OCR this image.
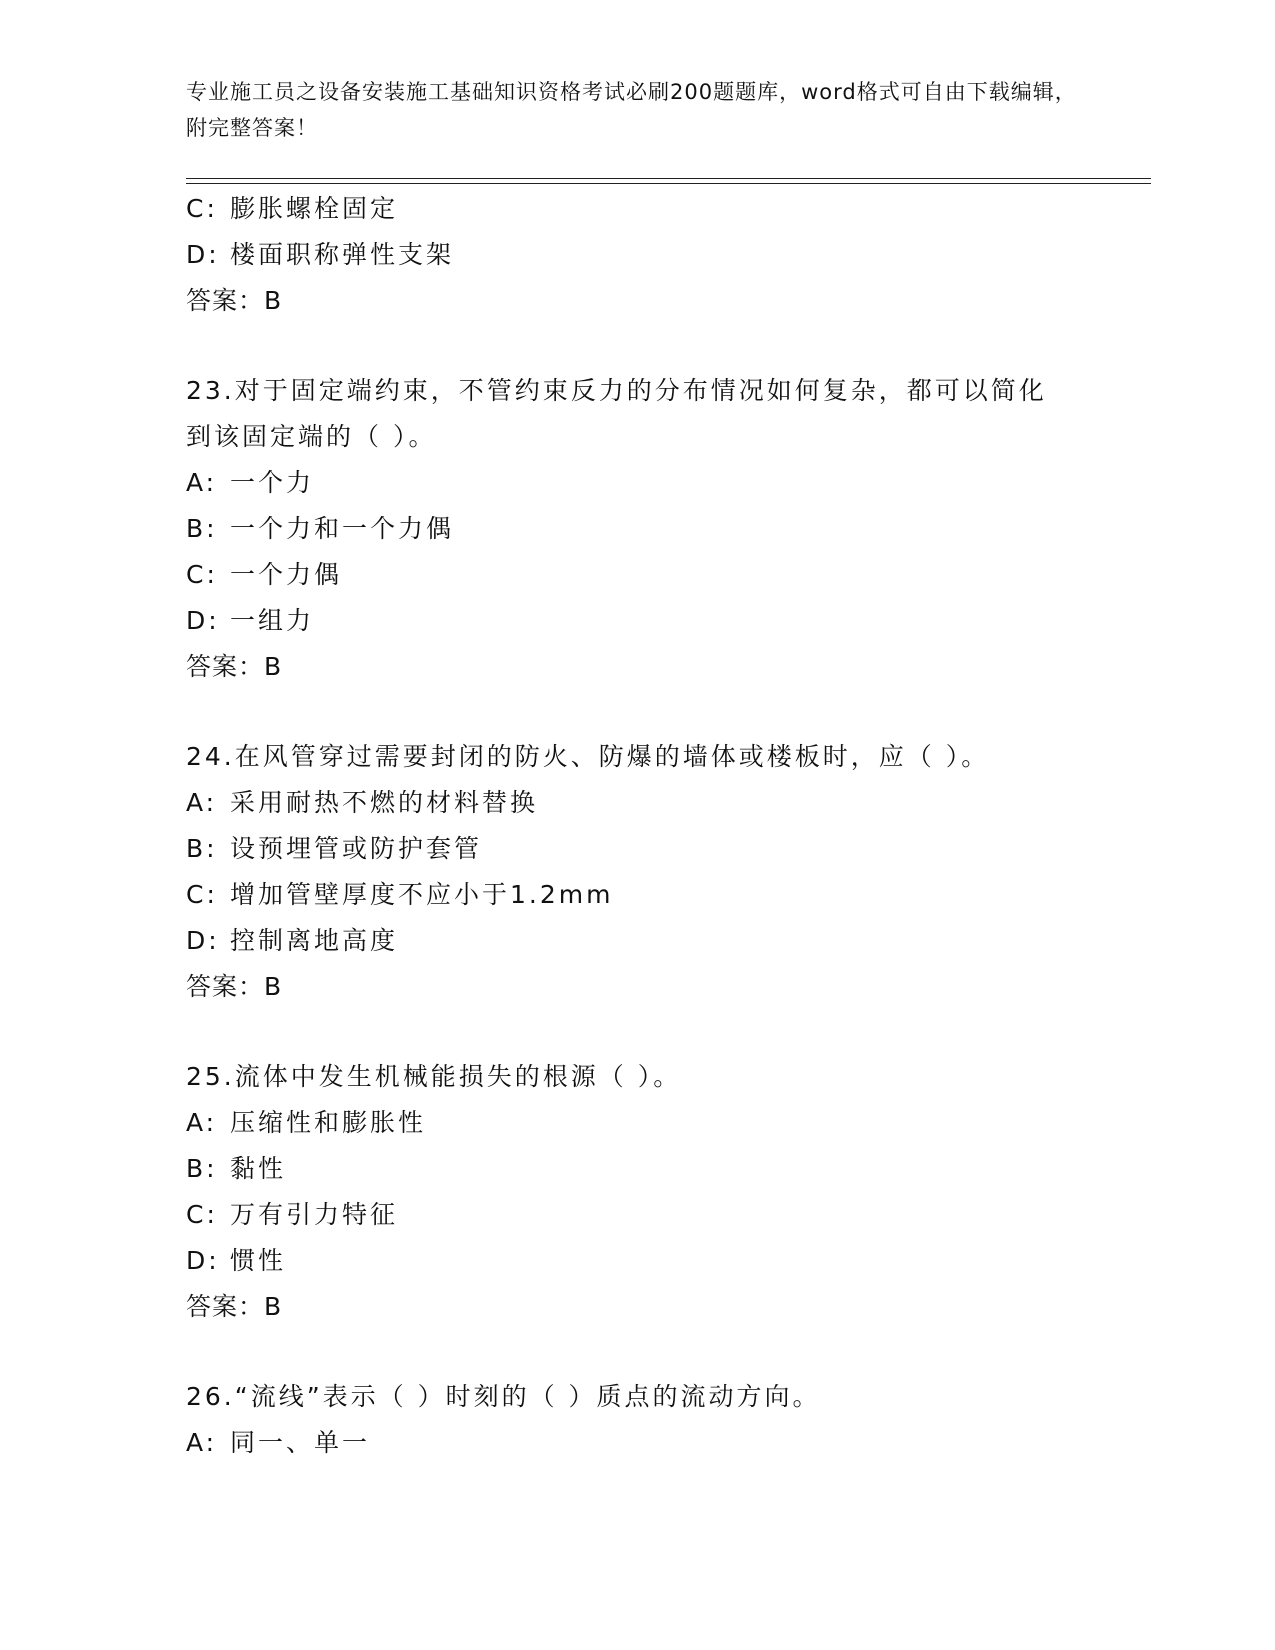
专业施工员之设备安装施工基础知识资格考试必刷200题题库，word格式可自由下载编辑，附完整答案！
C: 膨胀螺栓固定
D: 楼面职称弹性支架
答案：B
23.对于固定端约束，不管约束反力的分布情况如何复杂，都可以简化
到该固定端的（ ）。
A: 一个力
B: 一个力和一个力偶
C: 一个力偶
D: 一组力
答案：B
24.在风管穿过需要封闭的防火、防爆的墙体或楼板时，应（ ）。
A: 采用耐热不燃的材料替换
B: 设预埋管或防护套管
C: 增加管壁厚度不应小于1.2mm
D: 控制离地高度
答案：B
25.流体中发生机械能损失的根源（ ）。
A: 压缩性和膨胀性
B: 黏性
C: 万有引力特征
D: 惯性
答案：B
26.“流线”表示（ ）时刻的（ ）质点的流动方向。
A: 同一、单一
